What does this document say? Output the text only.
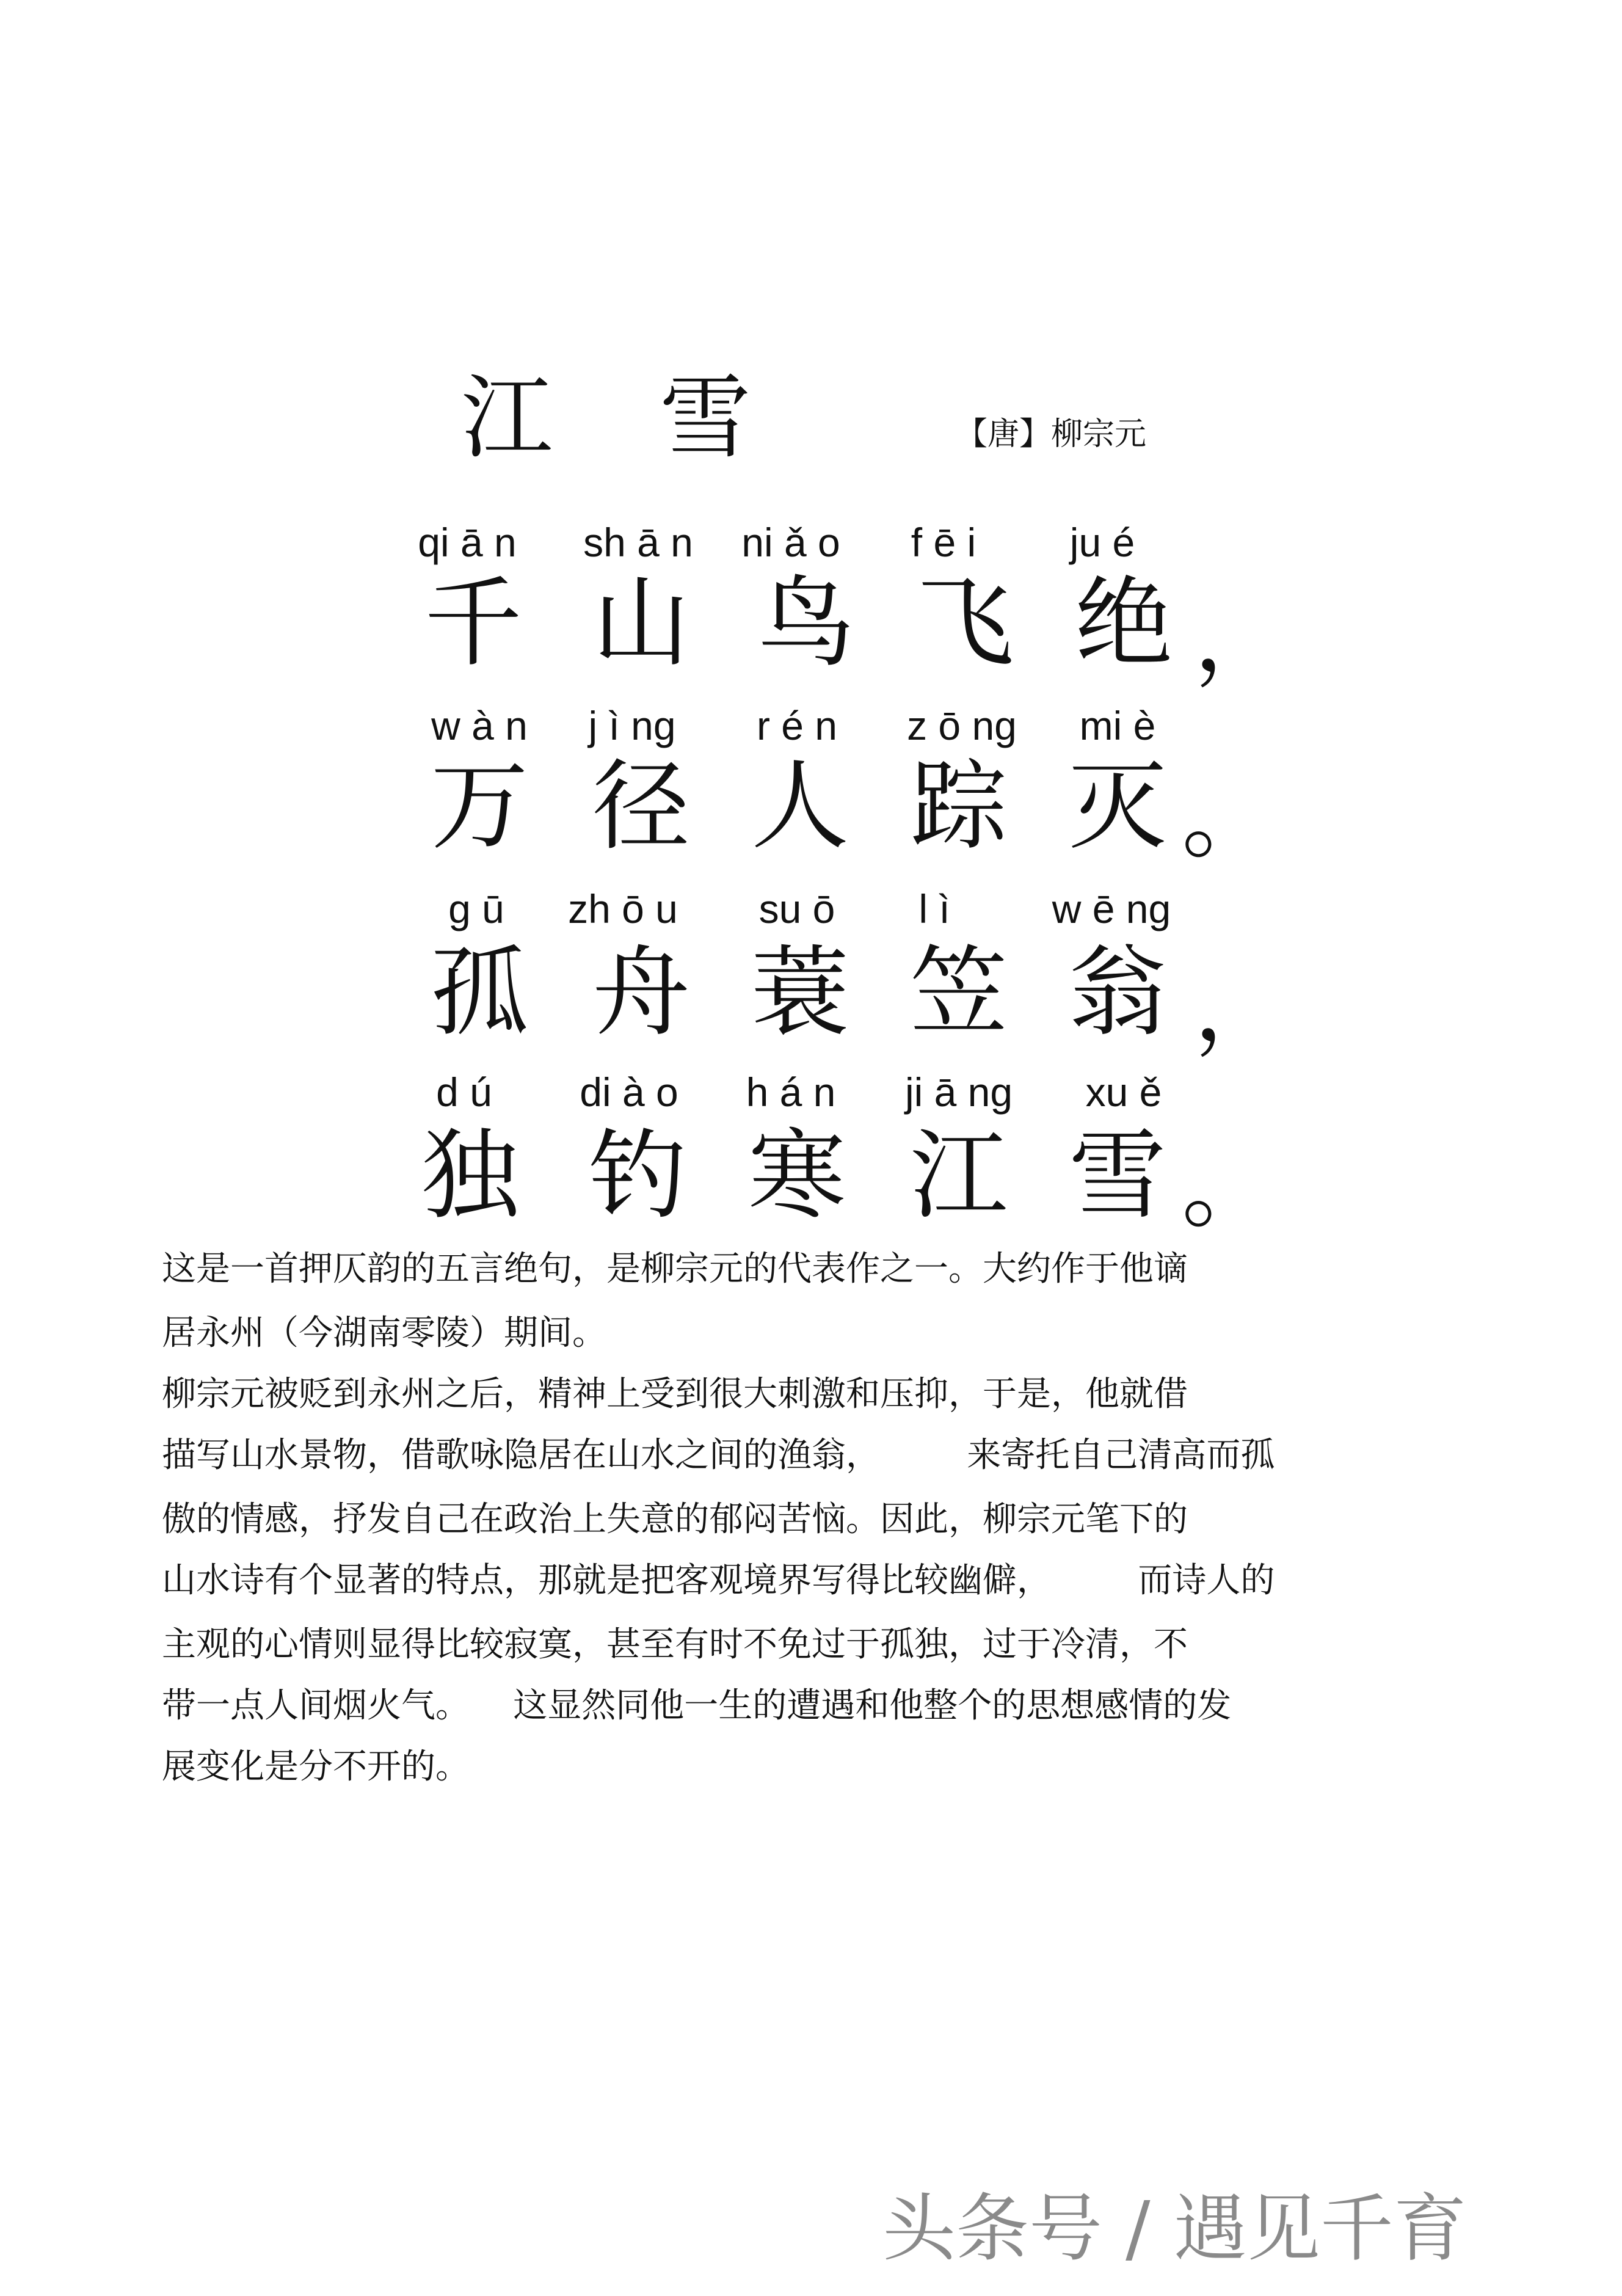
江 雪	【唐】柳宗元
qi ā n	sh ā n	ni ǎ o	f ē i	ju é
千 山 鸟 飞 绝 ，
w à n	j ì ng	r é n	z ō ng	mi è
万 径 人 踪 灭 。
g ū	zh ō u	su ō	l ì	w ē ng
孤 舟 蓑 笠 翁 ，
d ú	di à o	h á n	ji ā ng	xu ě
独 钓 寒 江 雪 。
这是一首押仄韵的五言绝句，是柳宗元的代表作之一。大约作于他谪
居永州（今湖南零陵）期间。
柳宗元被贬到永州之后，精神上受到很大刺激和压抑，于是，他就借
描写山水景物，借歌咏隐居在山水之间的渔翁，        来寄托自己清高而孤
傲的情感，抒发自己在政治上失意的郁闷苦恼。因此，柳宗元笔下的
山水诗有个显著的特点，那就是把客观境界写得比较幽僻，        而诗人的
主观的心情则显得比较寂寞，甚至有时不免过于孤独，过于冷清，不
带一点人间烟火气。    这显然同他一生的遭遇和他整个的思想感情的发
展变化是分不开的。
头条号 / 遇见千育
